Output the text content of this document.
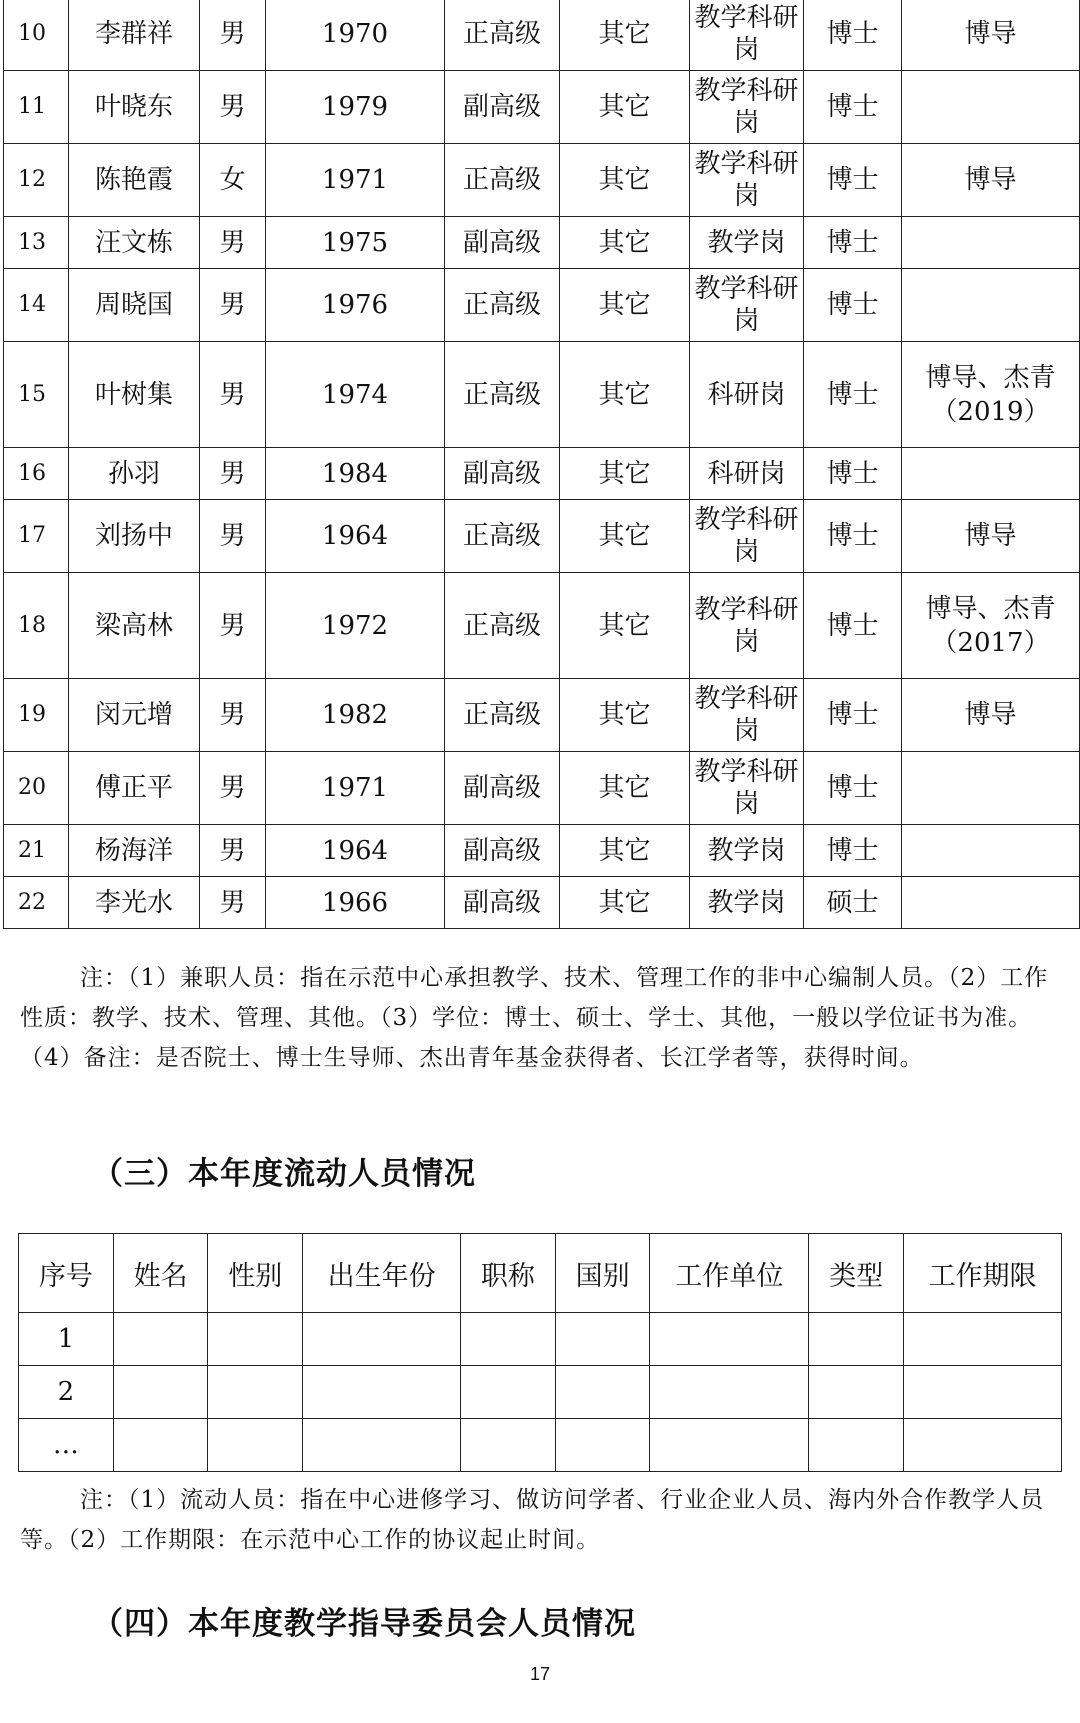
10	李群祥	男	1970	正高级	其它	教学科研岗	博士	博导
11	叶晓东	男	1979	副高级	其它	教学科研岗	博士	
12	陈艳霞	女	1971	正高级	其它	教学科研岗	博士	博导
13	汪文栋	男	1975	副高级	其它	教学岗	博士	
14	周晓国	男	1976	正高级	其它	教学科研岗	博士	
15	叶树集	男	1974	正高级	其它	科研岗	博士	博导、杰青（2019）
16	孙羽	男	1984	副高级	其它	科研岗	博士	
17	刘扬中	男	1964	正高级	其它	教学科研岗	博士	博导
18	梁高林	男	1972	正高级	其它	教学科研岗	博士	博导、杰青（2017）
19	闵元增	男	1982	正高级	其它	教学科研岗	博士	博导
20	傅正平	男	1971	副高级	其它	教学科研岗	博士	
21	杨海洋	男	1964	副高级	其它	教学岗	博士	
22	李光水	男	1966	副高级	其它	教学岗	硕士	

注：（1）兼职人员：指在示范中心承担教学、技术、管理工作的非中心编制人员。（2）工作性质：教学、技术、管理、其他。（3）学位：博士、硕士、学士、其他，一般以学位证书为准。（4）备注：是否院士、博士生导师、杰出青年基金获得者、长江学者等，获得时间。

（三）本年度流动人员情况
序号	姓名	性别	出生年份	职称	国别	工作单位	类型	工作期限
1								
2								
…								

注：（1）流动人员：指在中心进修学习、做访问学者、行业企业人员、海内外合作教学人员等。（2）工作期限：在示范中心工作的协议起止时间。

（四）本年度教学指导委员会人员情况
17
